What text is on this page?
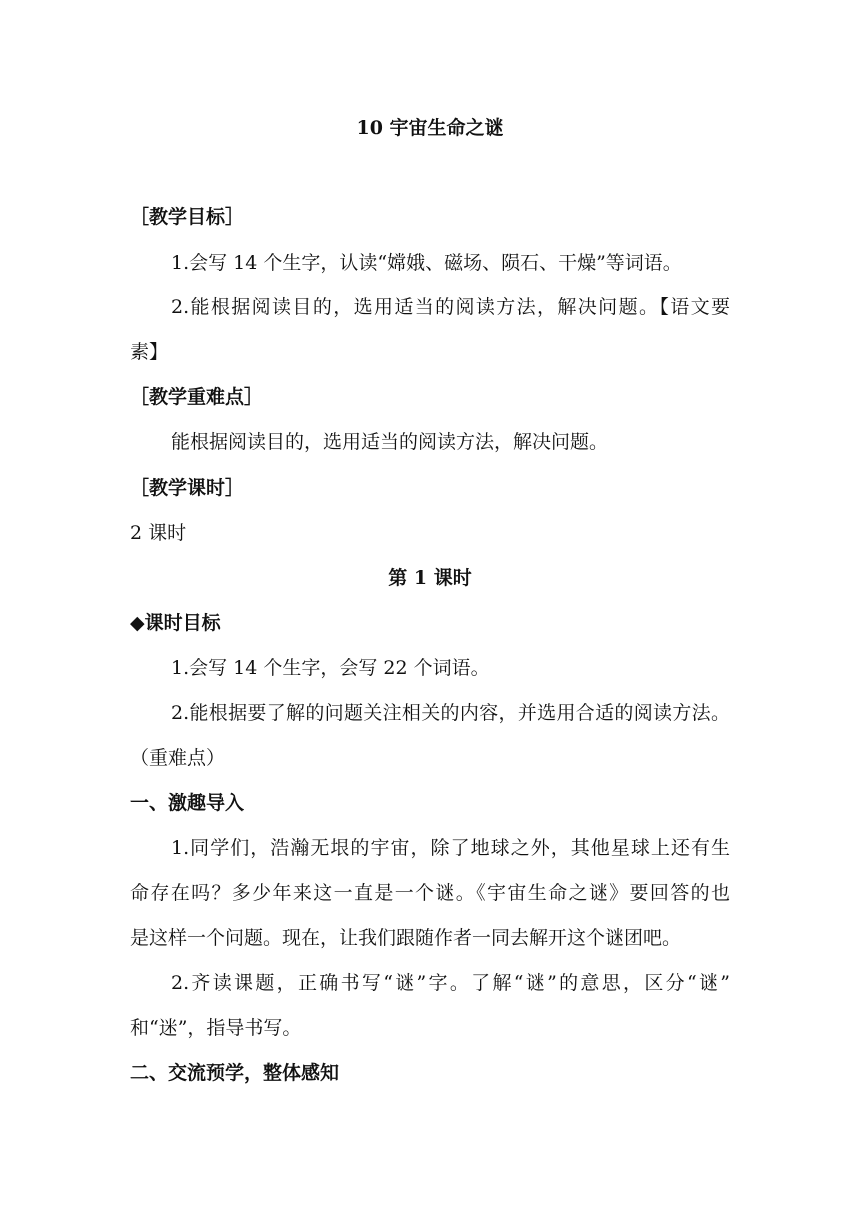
10 宇宙生命之谜
［教学目标］
1.会写 14 个生字，认读“嫦娥、磁场、陨石、干燥”等词语。
2.能根据阅读目的，选用适当的阅读方法，解决问题。【语文要
素】
［教学重难点］
能根据阅读目的，选用适当的阅读方法，解决问题。
［教学课时］
2 课时
第 1 课时
◆课时目标
1.会写 14 个生字，会写 22 个词语。
2.能根据要了解的问题关注相关的内容，并选用合适的阅读方法。
（重难点）
一、激趣导入
1.同学们，浩瀚无垠的宇宙，除了地球之外，其他星球上还有生
命存在吗？多少年来这一直是一个谜。《宇宙生命之谜》要回答的也
是这样一个问题。现在，让我们跟随作者一同去解开这个谜团吧。
2.齐读课题，正确书写“谜”字。了解“谜”的意思，区分“谜”
和“迷”，指导书写。
二、交流预学，整体感知
